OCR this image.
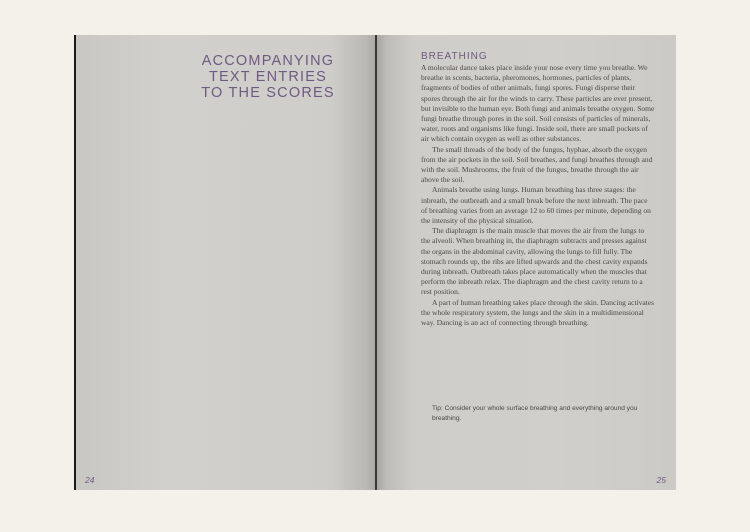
ACCOMPANYING
TEXT ENTRIES
TO THE SCORES
24
BREATHING

A molecular dance takes place inside your nose every time you breathe. We breathe in scents, bacteria, pheromones, hormones, particles of plants, fragments of bodies of other animals, fungi spores. Fungi disperse their spores through the air for the winds to carry. These particles are ever present, but invisible to the human eye. Both fungi and animals breathe oxygen. Some fungi breathe through pores in the soil. Soil consists of particles of minerals, water, roots and organisms like fungi. Inside soil, there are small pockets of air which contain oxygen as well as other substances.

The small threads of the body of the fungus, hyphae, absorb the oxygen from the air pockets in the soil. Soil breathes, and fungi breathes through and with the soil. Mushrooms, the fruit of the fungus, breathe through the air above the soil.

Animals breathe using lungs. Human breathing has three stages: the inbreath, the outbreath and a small break before the next inbreath. The pace of breathing varies from an average 12 to 60 times per minute, depending on the intensity of the physical situation.

The diaphragm is the main muscle that moves the air from the lungs to the alveoli. When breathing in, the diaphragm subtracts and presses against the organs in the abdominal cavity, allowing the lungs to fill fully. The stomach rounds up, the ribs are lifted upwards and the chest cavity expands during inbreath. Outbreath takes place automatically when the muscles that perform the inbreath relax. The diaphragm and the chest cavity return to a rest position.

A part of human breathing takes place through the skin. Dancing activates the whole respiratory system, the lungs and the skin in a multidimensional way. Dancing is an act of connecting through breathing.

Tip: Consider your whole surface breathing and everything around you breathing.

25
